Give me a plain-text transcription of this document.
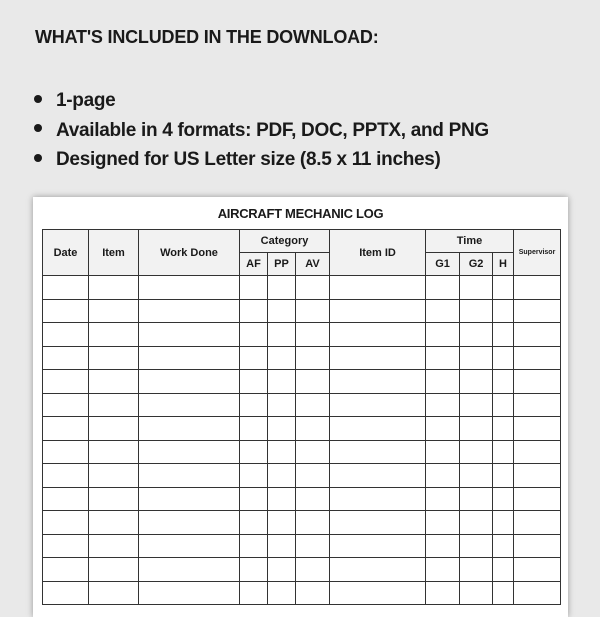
WHAT'S INCLUDED IN THE DOWNLOAD:
1-page
Available in 4 formats: PDF, DOC, PPTX, and PNG
Designed for US Letter size (8.5 x 11 inches)
AIRCRAFT MECHANIC LOG
Date	Item	Work Done	Category			Item ID	Time			Supervisor
			AF	PP	AV		G1	G2	H	
